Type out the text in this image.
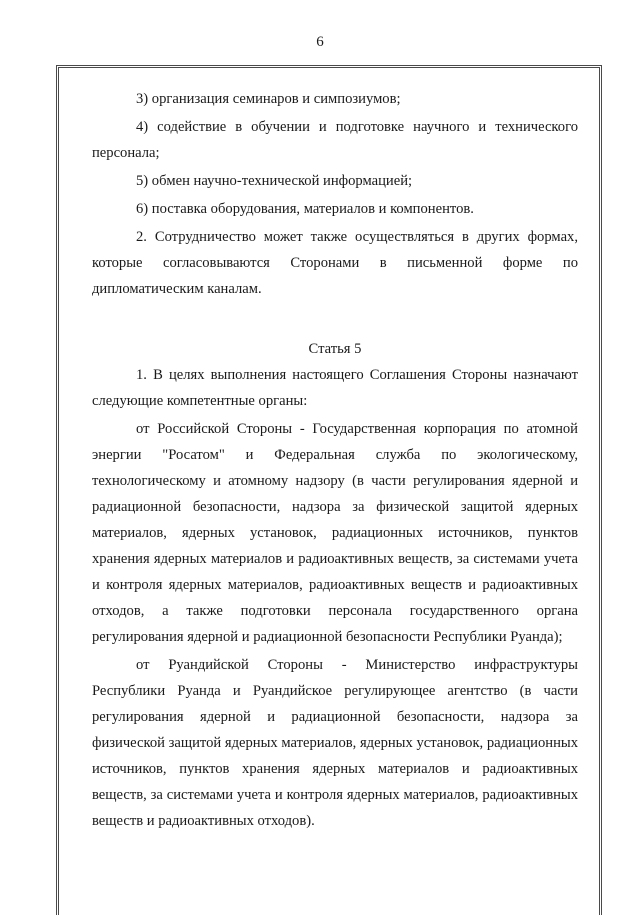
6

3) организация семинаров и симпозиумов;

4) содействие в обучении и подготовке научного и технического персонала;

5) обмен научно-технической информацией;

6) поставка оборудования, материалов и компонентов.

2. Сотрудничество может также осуществляться в других формах, которые согласовываются Сторонами в письменной форме по дипломатическим каналам.

Статья 5

1. В целях выполнения настоящего Соглашения Стороны назначают следующие компетентные органы:

от Российской Стороны - Государственная корпорация по атомной энергии "Росатом" и Федеральная служба по экологическому, технологическому и атомному надзору (в части регулирования ядерной и радиационной безопасности, надзора за физической защитой ядерных материалов, ядерных установок, радиационных источников, пунктов хранения ядерных материалов и радиоактивных веществ, за системами учета и контроля ядерных материалов, радиоактивных веществ и радиоактивных отходов, а также подготовки персонала государственного органа регулирования ядерной и радиационной безопасности Республики Руанда);

от Руандийской Стороны - Министерство инфраструктуры Республики Руанда и Руандийское регулирующее агентство (в части регулирования ядерной и радиационной безопасности, надзора за физической защитой ядерных материалов, ядерных установок, радиационных источников, пунктов хранения ядерных материалов и радиоактивных веществ, за системами учета и контроля ядерных материалов, радиоактивных веществ и радиоактивных отходов).
